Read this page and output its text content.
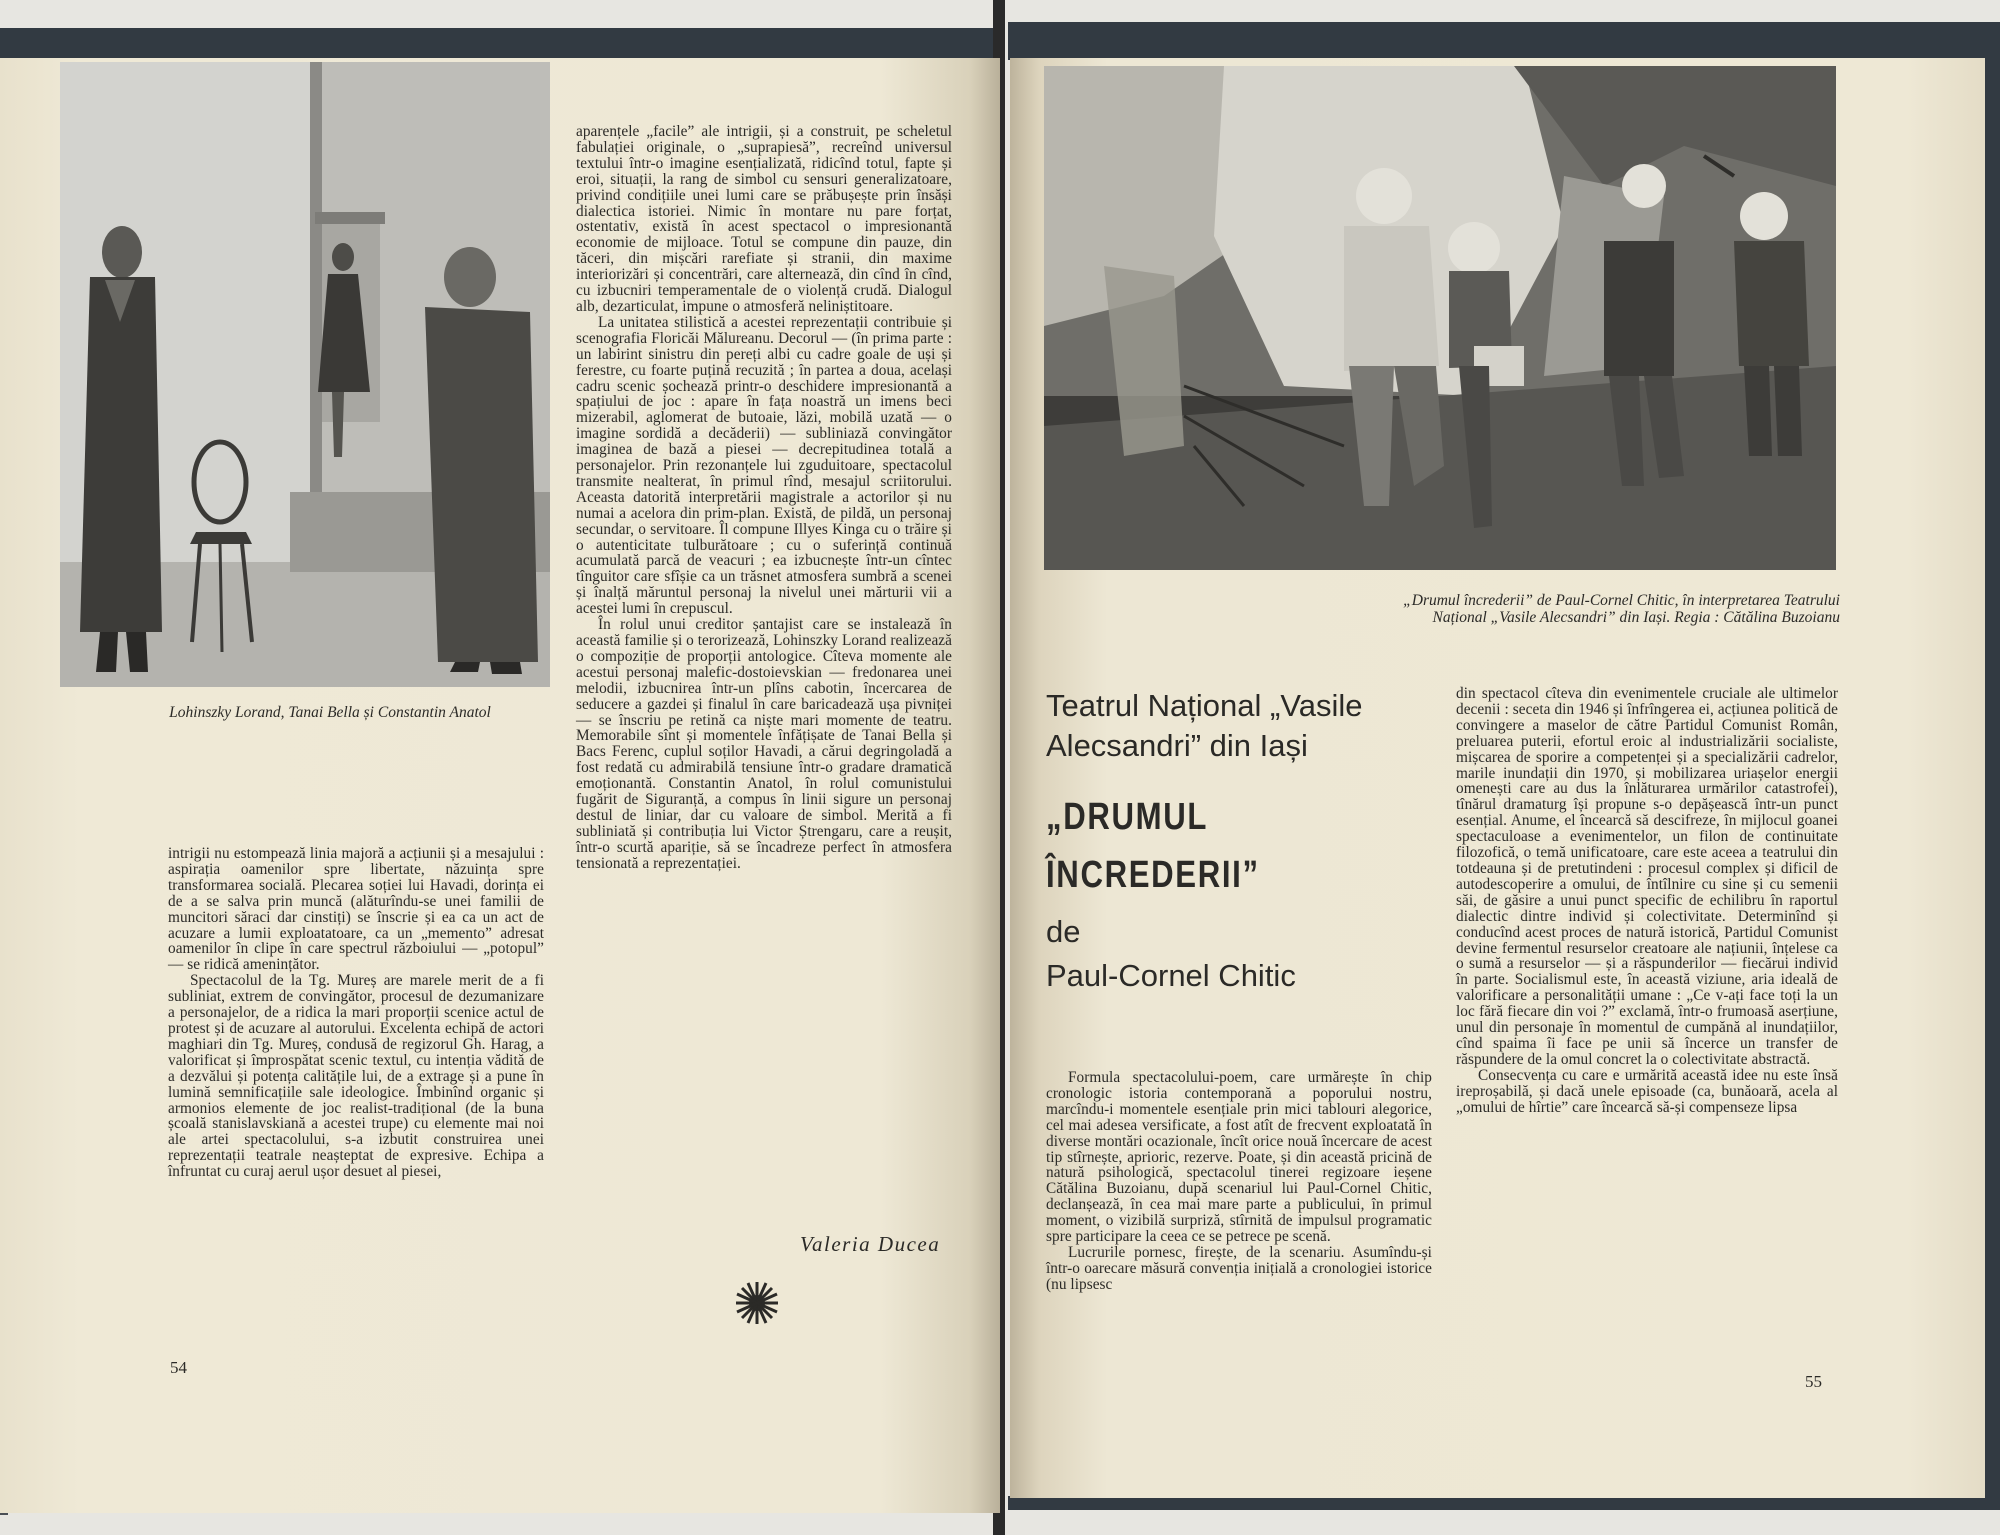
Lohinszky Lorand, Tanai Bella și Constantin Anatol

intrigii nu estompează linia majoră a acțiunii și a mesajului : aspirația oamenilor spre libertate, năzuința spre transformarea socială. Plecarea soției lui Havadi, dorința ei de a se salva prin muncă (alăturîndu-se unei familii de muncitori săraci dar cinstiți) se înscrie și ea ca un act de acuzare a lumii exploatatoare, ca un „memento” adresat oamenilor în clipe în care spectrul războiului — „potopul” — se ridică amenințător.

Spectacolul de la Tg. Mureș are marele merit de a fi subliniat, extrem de convingător, procesul de dezumanizare a personajelor, de a ridica la mari proporții scenice actul de protest și de acuzare al autorului. Excelenta echipă de actori maghiari din Tg. Mureș, condusă de regizorul Gh. Harag, a valorificat și împrospătat scenic textul, cu intenția vădită de a dezvălui și potența calitățile lui, de a extrage și a pune în lumină semnificațiile sale ideologice. Îmbinînd organic și armonios elemente de joc realist-tradițional (de la buna școală stanislavskiană a acestei trupe) cu elemente mai noi ale artei spectacolului, s-a izbutit construirea unei reprezentații teatrale neașteptat de expresive. Echipa a înfruntat cu curaj aerul ușor desuet al piesei,

aparențele „facile” ale intrigii, și a construit, pe scheletul fabulației originale, o „suprapiesă”, recreînd universul textului într-o imagine esențializată, ridicînd totul, fapte și eroi, situații, la rang de simbol cu sensuri generalizatoare, privind condițiile unei lumi care se prăbușește prin însăși dialectica istoriei. Nimic în montare nu pare forțat, ostentativ, există în acest spectacol o impresionantă economie de mijloace. Totul se compune din pauze, din tăceri, din mișcări rarefiate și stranii, din maxime interiorizări și concentrări, care alternează, din cînd în cînd, cu izbucniri temperamentale de o violență crudă. Dialogul alb, dezarticulat, impune o atmosferă neliniștitoare.

La unitatea stilistică a acestei reprezentații contribuie și scenografia Floricăi Mălureanu. Decorul — (în prima parte : un labirint sinistru din pereți albi cu cadre goale de uși și ferestre, cu foarte puțină recuzită ; în partea a doua, același cadru scenic șochează printr-o deschidere impresionantă a spațiului de joc : apare în fața noastră un imens beci mizerabil, aglomerat de butoaie, lăzi, mobilă uzată — o imagine sordidă a decăderii) — subliniază convingător imaginea de bază a piesei — decrepitudinea totală a personajelor. Prin rezonanțele lui zguduitoare, spectacolul transmite nealterat, în primul rînd, mesajul scriitorului. Aceasta datorită interpretării magistrale a actorilor și nu numai a acelora din prim-plan. Există, de pildă, un personaj secundar, o servitoare. Îl compune Illyes Kinga cu o trăire și o autenticitate tulburătoare ; cu o suferință continuă acumulată parcă de veacuri ; ea izbucnește într-un cîntec tînguitor care sfîșie ca un trăsnet atmosfera sumbră a scenei și înalță măruntul personaj la nivelul unei mărturii vii a acestei lumi în crepuscul.

În rolul unui creditor șantajist care se instalează în această familie și o terorizează, Lohinszky Lorand realizează o compoziție de proporții antologice. Cîteva momente ale acestui personaj malefic-dostoievskian — fredonarea unei melodii, izbucnirea într-un plîns cabotin, încercarea de seducere a gazdei și finalul în care baricadează ușa pivniței — se înscriu pe retină ca niște mari momente de teatru. Memorabile sînt și momentele înfățișate de Tanai Bella și Bacs Ferenc, cuplul soților Havadi, a cărui degringoladă a fost redată cu admirabilă tensiune într-o gradare dramatică emoționantă. Constantin Anatol, în rolul comunistului fugărit de Siguranță, a compus în linii sigure un personaj destul de liniar, dar cu valoare de simbol. Merită a fi subliniată și contribuția lui Victor Ștrengaru, care a reușit, într-o scurtă apariție, să se încadreze perfect în atmosfera tensionată a reprezentației.

Valeria Ducea
54
„Drumul încrederii” de Paul-Cornel Chitic, în interpretarea Teatrului Național „Vasile Alecsandri” din Iași. Regia : Cătălina Buzoianu
Teatrul Național „Vasile
Alecsandri” din Iași
„DRUMUL
ÎNCREDERII”
de
Paul-Cornel Chitic

Formula spectacolului-poem, care urmărește în chip cronologic istoria contemporană a poporului nostru, marcîndu-i momentele esențiale prin mici tablouri alegorice, cel mai adesea versificate, a fost atît de frecvent exploatată în diverse montări ocazionale, încît orice nouă încercare de acest tip stîrnește, aprioric, rezerve. Poate, și din această pricină de natură psihologică, spectacolul tinerei regizoare ieșene Cătălina Buzoianu, după scenariul lui Paul-Cornel Chitic, declanșează, în cea mai mare parte a publicului, în primul moment, o vizibilă surpriză, stîrnită de impulsul programatic spre participare la ceea ce se petrece pe scenă.

Lucrurile pornesc, firește, de la scenariu. Asumîndu-și într-o oarecare măsură convenția inițială a cronologiei istorice (nu lipsesc

din spectacol cîteva din evenimentele cruciale ale ultimelor decenii : seceta din 1946 și înfrîngerea ei, acțiunea politică de convingere a maselor de către Partidul Comunist Român, preluarea puterii, efortul eroic al industrializării socialiste, mișcarea de sporire a competenței și a specializării cadrelor, marile inundații din 1970, și mobilizarea uriașelor energii omenești care au dus la înlăturarea urmărilor catastrofei), tînărul dramaturg își propune s-o depășească într-un punct esențial. Anume, el încearcă să descifreze, în mijlocul goanei spectaculoase a evenimentelor, un filon de continuitate filozofică, o temă unificatoare, care este aceea a teatrului din totdeauna și de pretutindeni : procesul complex și dificil de autodescoperire a omului, de întîlnire cu sine și cu semenii săi, de găsire a unui punct specific de echilibru în raportul dialectic dintre individ și colectivitate. Determinînd și conducînd acest proces de natură istorică, Partidul Comunist devine fermentul resurselor creatoare ale națiunii, înțelese ca o sumă a resurselor — și a răspunderilor — fiecărui individ în parte. Socialismul este, în această viziune, aria ideală de valorificare a personalității umane : „Ce v-ați face toți la un loc fără fiecare din voi ?” exclamă, într-o frumoasă aserțiune, unul din personaje în momentul de cumpănă al inundațiilor, cînd spaima îi face pe unii să încerce un transfer de răspundere de la omul concret la o colectivitate abstractă.

Consecvența cu care e urmărită această idee nu este însă ireproșabilă, și dacă unele episoade (ca, bunăoară, acela al „omului de hîrtie” care încearcă să-și compenseze lipsa

55
